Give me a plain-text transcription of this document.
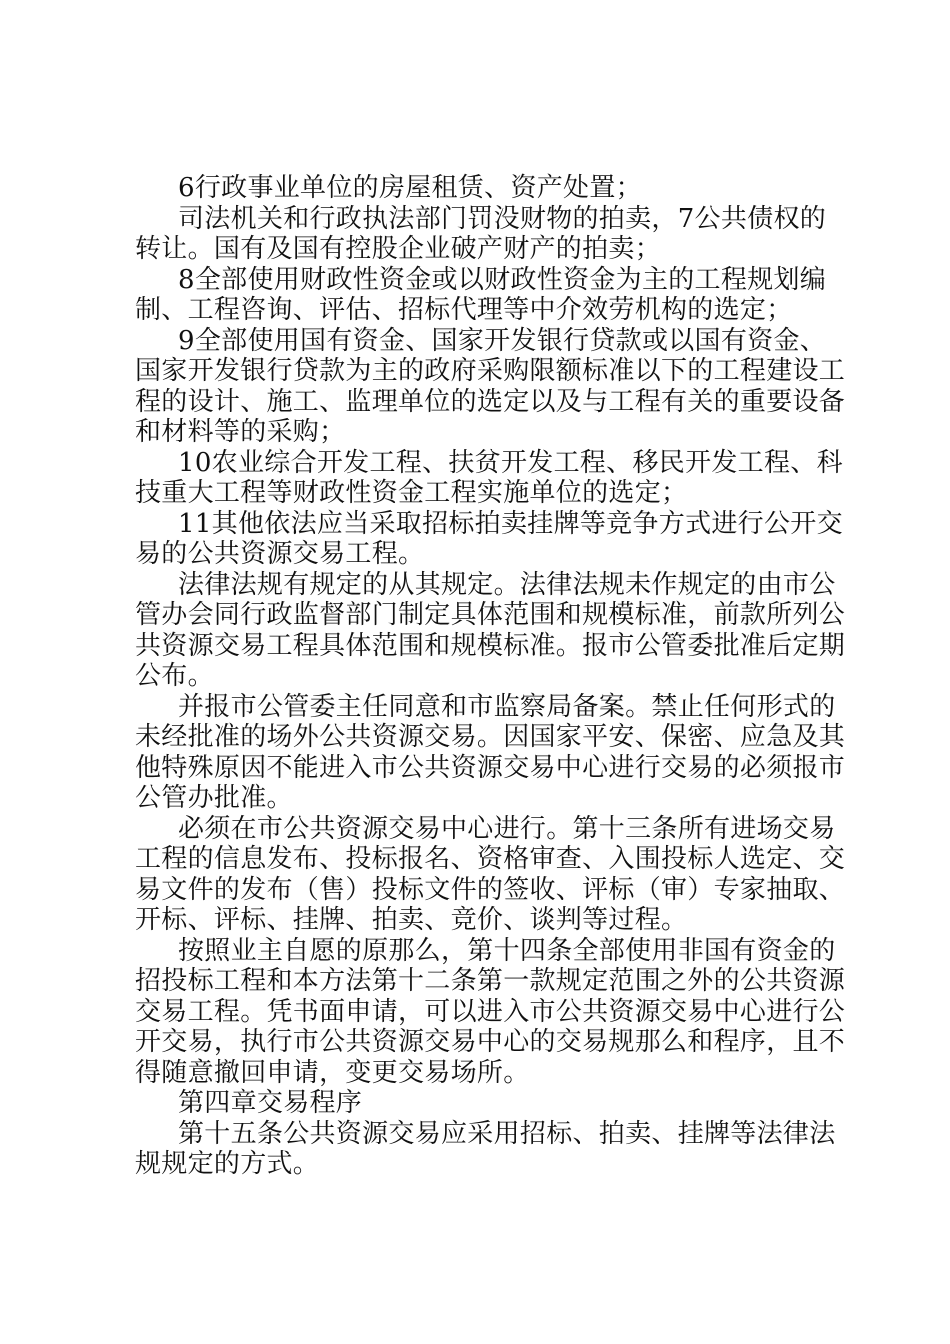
6行政事业单位的房屋租赁、资产处置；
司法机关和行政执法部门罚没财物的拍卖，7公共债权的
转让。国有及国有控股企业破产财产的拍卖；
8全部使用财政性资金或以财政性资金为主的工程规划编
制、工程咨询、评估、招标代理等中介效劳机构的选定；
9全部使用国有资金、国家开发银行贷款或以国有资金、
国家开发银行贷款为主的政府采购限额标准以下的工程建设工
程的设计、施工、监理单位的选定以及与工程有关的重要设备
和材料等的采购；
10农业综合开发工程、扶贫开发工程、移民开发工程、科
技重大工程等财政性资金工程实施单位的选定；
11其他依法应当采取招标拍卖挂牌等竞争方式进行公开交
易的公共资源交易工程。
法律法规有规定的从其规定。法律法规未作规定的由市公
管办会同行政监督部门制定具体范围和规模标准，前款所列公
共资源交易工程具体范围和规模标准。报市公管委批准后定期
公布。
并报市公管委主任同意和市监察局备案。禁止任何形式的
未经批准的场外公共资源交易。因国家平安、保密、应急及其
他特殊原因不能进入市公共资源交易中心进行交易的必须报市
公管办批准。
必须在市公共资源交易中心进行。第十三条所有进场交易
工程的信息发布、投标报名、资格审查、入围投标人选定、交
易文件的发布（售）投标文件的签收、评标（审）专家抽取、
开标、评标、挂牌、拍卖、竞价、谈判等过程。
按照业主自愿的原那么，第十四条全部使用非国有资金的
招投标工程和本方法第十二条第一款规定范围之外的公共资源
交易工程。凭书面申请，可以进入市公共资源交易中心进行公
开交易，执行市公共资源交易中心的交易规那么和程序，且不
得随意撤回申请，变更交易场所。
第四章交易程序
第十五条公共资源交易应采用招标、拍卖、挂牌等法律法
规规定的方式。
